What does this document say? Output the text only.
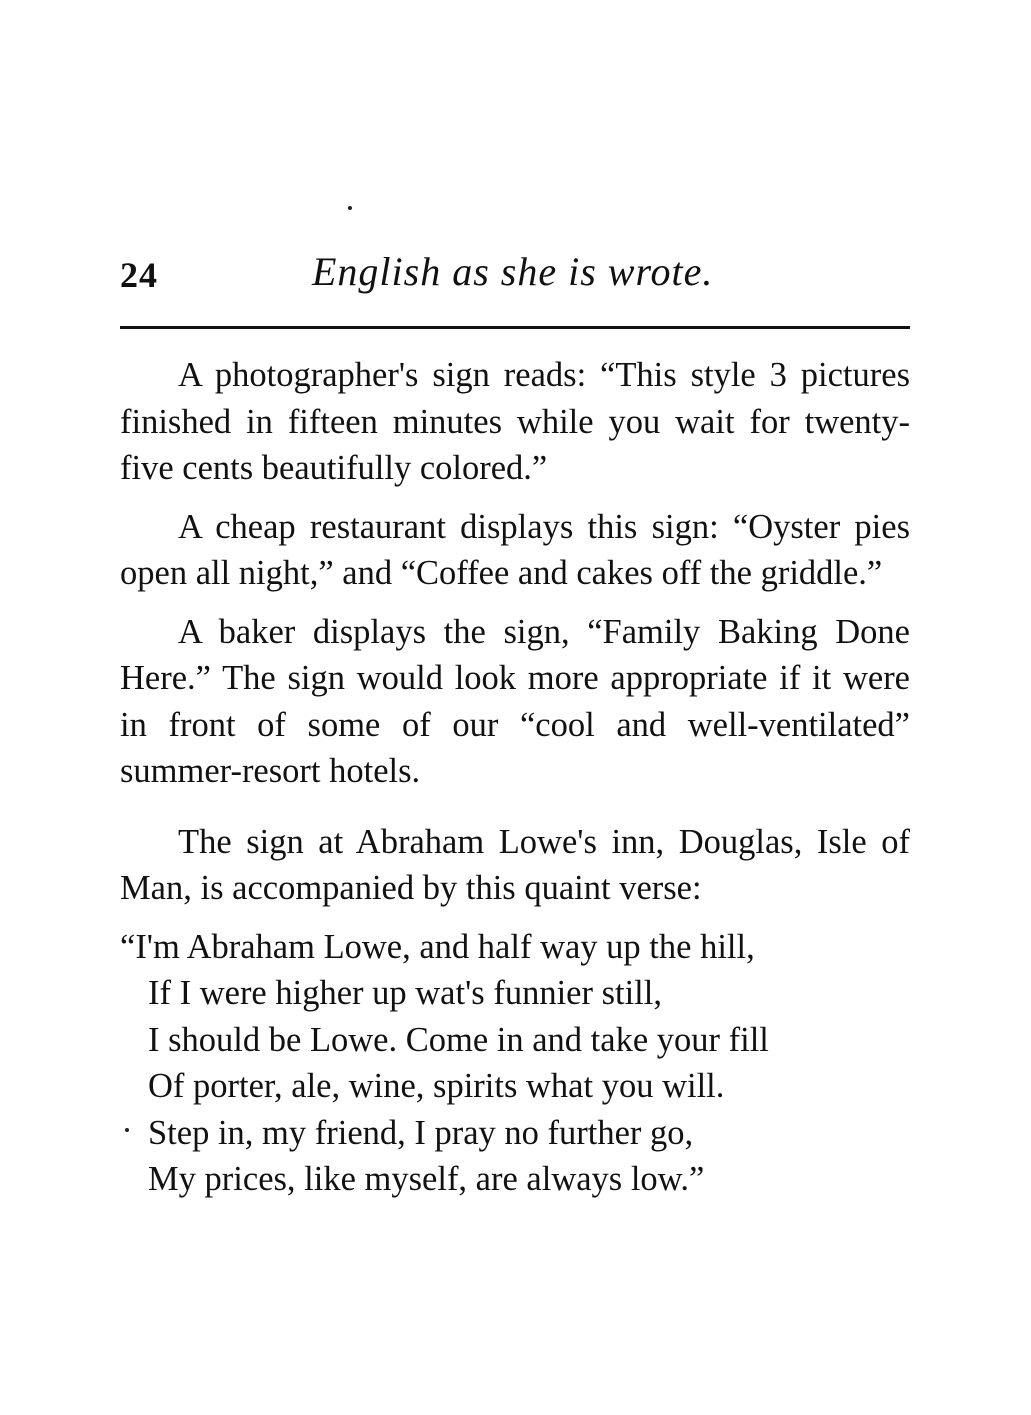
24	English as she is wrote.

A photographer's sign reads: “This style 3 pictures finished in fifteen minutes while you wait for twenty-five cents beautifully colored.”

A cheap restaurant displays this sign: “Oyster pies open all night,” and “Coffee and cakes off the griddle.”

A baker displays the sign, “Family Baking Done Here.” The sign would look more appropriate if it were in front of some of our “cool and well-ventilated” summer-resort hotels.

The sign at Abraham Lowe's inn, Douglas, Isle of Man, is accompanied by this quaint verse:

“I'm Abraham Lowe, and half way up the hill,
If I were higher up wat's funnier still,
I should be Lowe. Come in and take your fill
Of porter, ale, wine, spirits what you will.
Step in, my friend, I pray no further go,
My prices, like myself, are always low.”
